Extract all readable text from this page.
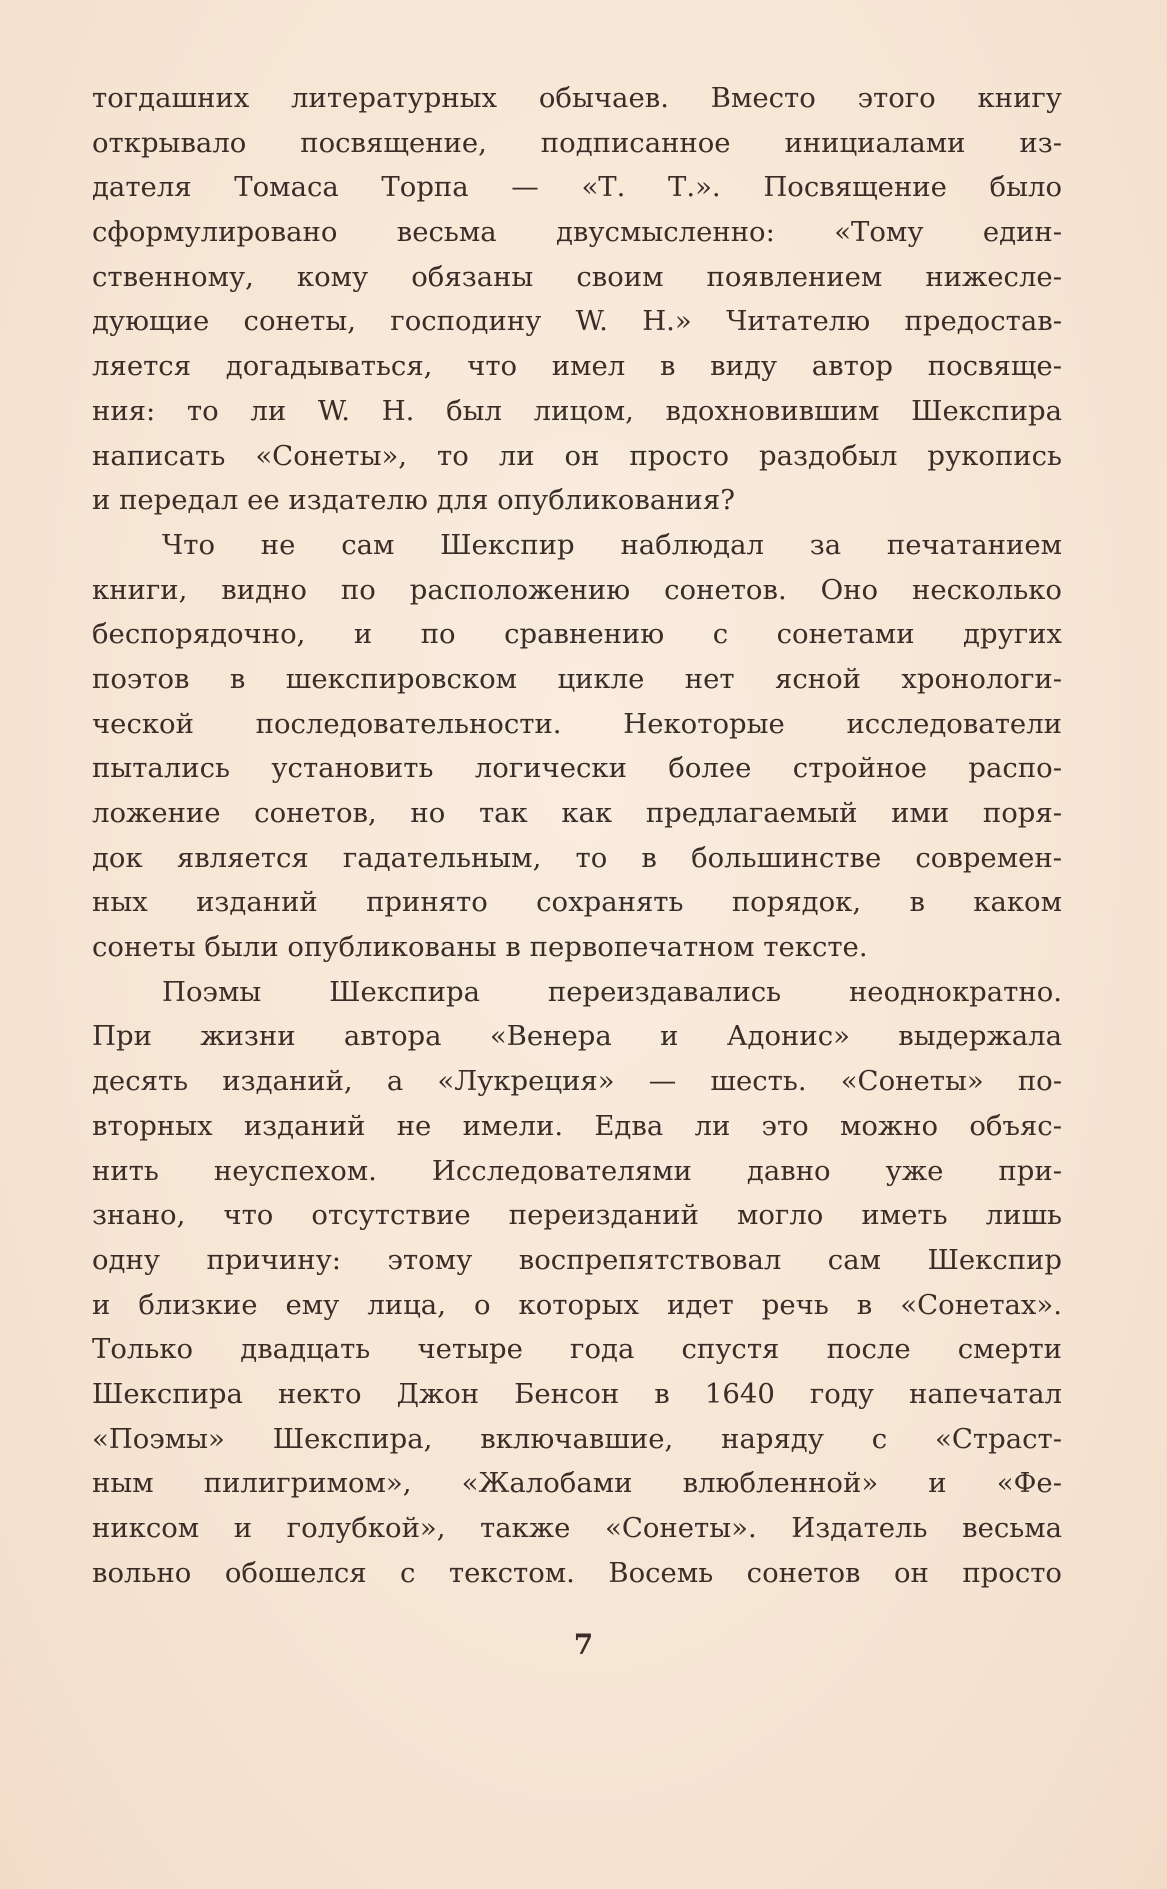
тогдашних литературных обычаев. Вместо этого книгу
открывало посвящение, подписанное инициалами из-
дателя Томаса Торпа — «Т. Т.». Посвящение было
сформулировано весьма двусмысленно: «Тому един-
ственному, кому обязаны своим появлением нижесле-
дующие сонеты, господину W. H.» Читателю предостав-
ляется догадываться, что имел в виду автор посвяще-
ния: то ли W. H. был лицом, вдохновившим Шекспира
написать «Сонеты», то ли он просто раздобыл рукопись
и передал ее издателю для опубликования?
Что не сам Шекспир наблюдал за печатанием
книги, видно по расположению сонетов. Оно несколько
беспорядочно, и по сравнению с сонетами других
поэтов в шекспировском цикле нет ясной хронологи-
ческой последовательности. Некоторые исследователи
пытались установить логически более стройное распо-
ложение сонетов, но так как предлагаемый ими поря-
док является гадательным, то в большинстве современ-
ных изданий принято сохранять порядок, в каком
сонеты были опубликованы в первопечатном тексте.
Поэмы Шекспира переиздавались неоднократно.
При жизни автора «Венера и Адонис» выдержала
десять изданий, а «Лукреция» — шесть. «Сонеты» по-
вторных изданий не имели. Едва ли это можно объяс-
нить неуспехом. Исследователями давно уже при-
знано, что отсутствие переизданий могло иметь лишь
одну причину: этому воспрепятствовал сам Шекспир
и близкие ему лица, о которых идет речь в «Сонетах».
Только двадцать четыре года спустя после смерти
Шекспира некто Джон Бенсон в 1640 году напечатал
«Поэмы» Шекспира, включавшие, наряду с «Страст-
ным пилигримом», «Жалобами влюбленной» и «Фе-
никсом и голубкой», также «Сонеты». Издатель весьма
вольно обошелся с текстом. Восемь сонетов он просто
7
